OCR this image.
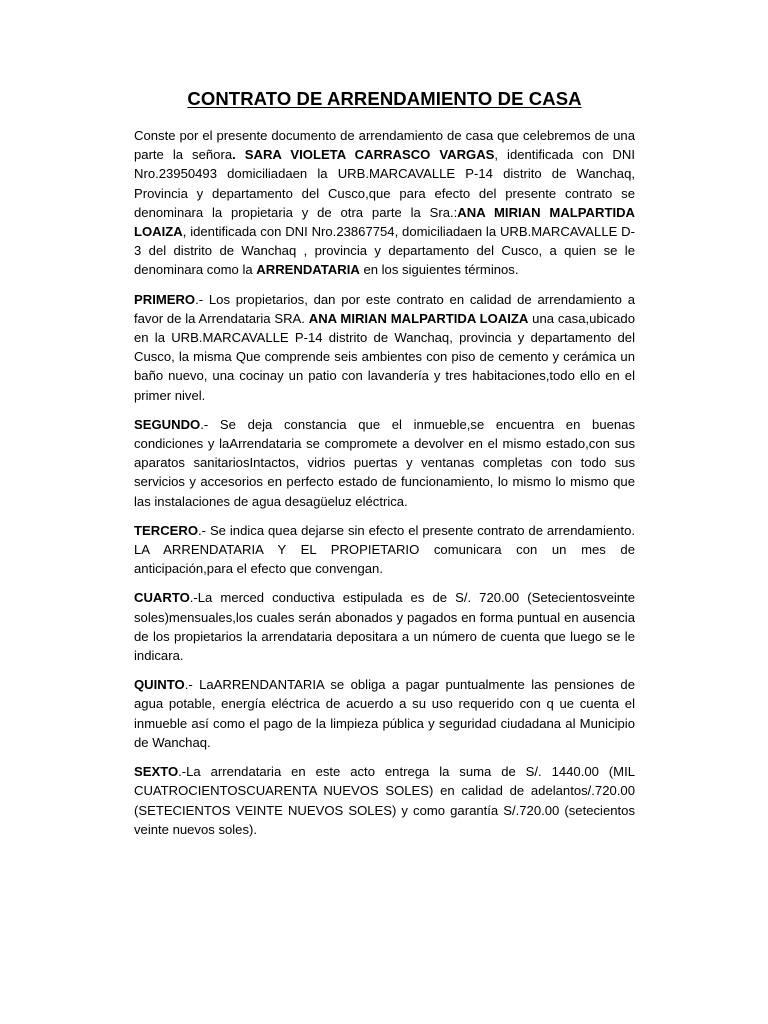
CONTRATO DE ARRENDAMIENTO DE CASA

Conste por el presente documento de arrendamiento de casa que celebremos de una parte la señora. SARA VIOLETA CARRASCO VARGAS, identificada con DNI Nro.23950493 domiciliadaen la URB.MARCAVALLE P-14 distrito de Wanchaq, Provincia y departamento del Cusco,que para efecto del presente contrato se denominara la propietaria y de otra parte la Sra.:ANA MIRIAN MALPARTIDA LOAIZA, identificada con DNI Nro.23867754, domiciliadaen la URB.MARCAVALLE D-3 del distrito de Wanchaq , provincia y departamento del Cusco, a quien se le denominara como la ARRENDATARIA en los siguientes términos.

PRIMERO.- Los propietarios, dan por este contrato en calidad de arrendamiento a favor de la Arrendataria SRA. ANA MIRIAN MALPARTIDA LOAIZA una casa,ubicado en la URB.MARCAVALLE P-14 distrito de Wanchaq, provincia y departamento del Cusco, la misma Que comprende seis ambientes con piso de cemento y cerámica un baño nuevo, una cocinay un patio con lavandería y tres habitaciones,todo ello en el primer nivel.

SEGUNDO.- Se deja constancia que el inmueble,se encuentra en buenas condiciones y laArrendataria se compromete a devolver en el mismo estado,con sus aparatos sanitariosIntactos, vidrios puertas y ventanas completas con todo sus servicios y accesorios en perfecto estado de funcionamiento, lo mismo lo mismo que las instalaciones de agua desagüeluz eléctrica.

TERCERO.- Se indica quea dejarse sin efecto el presente contrato de arrendamiento. LA ARRENDATARIA Y EL PROPIETARIO comunicara con un mes de anticipación,para el efecto que convengan.

CUARTO.-La merced conductiva estipulada es de S/. 720.00 (Setecientosveinte soles)mensuales,los cuales serán abonados y pagados en forma puntual en ausencia de los propietarios la arrendataria depositara a un número de cuenta que luego se le indicara.

QUINTO.- LaARRENDANTARIA se obliga a pagar puntualmente las pensiones de agua potable, energía eléctrica de acuerdo a su uso requerido con q ue cuenta el inmueble así como el pago de la limpieza pública y seguridad ciudadana al Municipio de Wanchaq.

SEXTO.-La arrendataria en este acto entrega la suma de S/. 1440.00 (MIL CUATROCIENTOSCUARENTA NUEVOS SOLES) en calidad de adelantos/.720.00 (SETECIENTOS VEINTE NUEVOS SOLES) y como garantía S/.720.00 (setecientos veinte nuevos soles).
